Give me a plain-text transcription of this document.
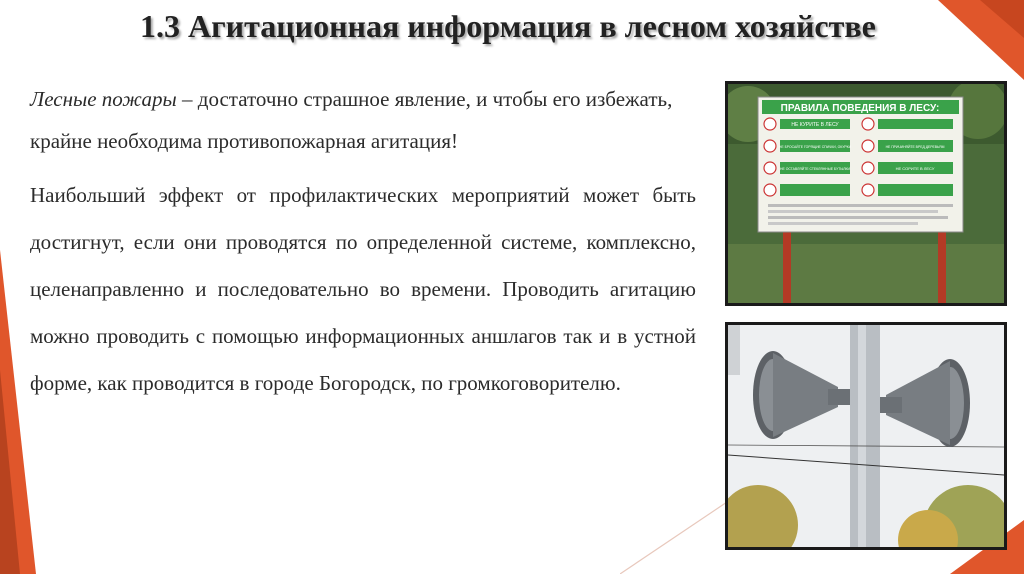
1.3 Агитационная информация в лесном хозяйстве
Лесные пожары – достаточно страшное явление, и чтобы его избежать, крайне необходима противопожарная агитация!
Наибольший эффект от профилактических мероприятий может быть достигнут, если они проводятся по определенной системе, комплексно, целенаправленно и последовательно во времени. Проводить агитацию можно проводить с помощью информационных аншлагов так и в устной форме, как проводится в городе Богородск, по громкоговорителю.
ПРАВИЛА ПОВЕДЕНИЯ В ЛЕСУ:
НЕ КУРИТЕ В ЛЕСУ
НЕ БРОСАЙТЕ ГОРЯЩИЕ СПИЧКИ, ОКУРКИ	НЕ ПРИЧИНЯЙТЕ ВРЕД ДЕРЕВЬЯМ
НЕ ОСТАВЛЯЙТЕ СТЕКЛЯННЫЕ БУТЫЛКИ	НЕ СОРИТЕ В ЛЕСУ
